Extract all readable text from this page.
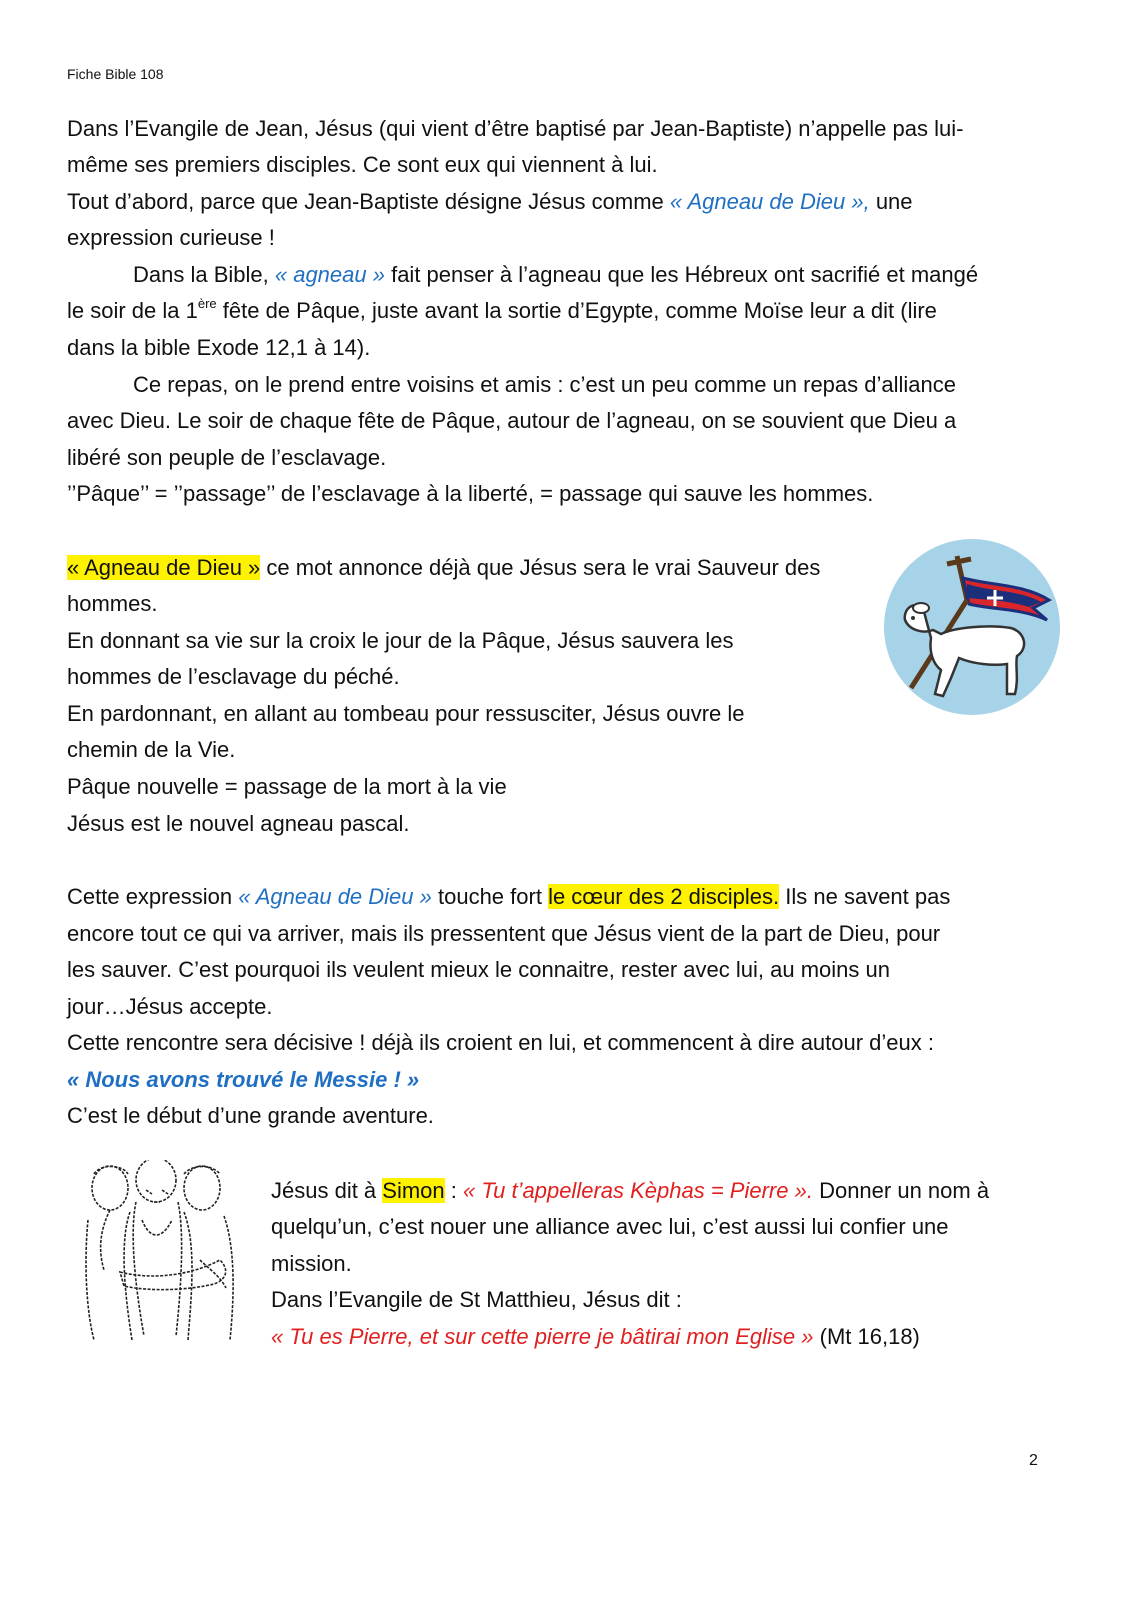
Fiche Bible 108
Dans l’Evangile de Jean, Jésus (qui vient d’être baptisé par Jean-Baptiste) n’appelle pas lui-
même ses premiers disciples. Ce sont eux qui viennent à lui.
Tout d’abord, parce que Jean-Baptiste désigne Jésus comme « Agneau de Dieu », une
expression curieuse !
Dans la Bible, « agneau » fait penser à l’agneau que les Hébreux ont sacrifié et mangé
le soir de la 1ère fête de Pâque, juste avant la sortie d’Egypte, comme Moïse leur a dit (lire
dans la bible Exode 12,1 à 14).
Ce repas, on le prend entre voisins et amis : c’est un peu comme un repas d’alliance
avec Dieu. Le soir de chaque fête de Pâque, autour de l’agneau, on se souvient que Dieu a
libéré son peuple de l’esclavage.
’’Pâque’’ = ’’passage’’ de l’esclavage à la liberté, = passage qui sauve les hommes.
« Agneau de Dieu » ce mot annonce déjà que Jésus sera le vrai Sauveur des
hommes.
En donnant sa vie sur la croix le jour de la Pâque, Jésus sauvera les
hommes de l’esclavage du péché.
En pardonnant, en allant au tombeau pour ressusciter, Jésus ouvre le
chemin de la Vie.
Pâque nouvelle = passage de la mort à la vie
Jésus est le nouvel agneau pascal.
Cette expression « Agneau de Dieu » touche fort le cœur des 2 disciples. Ils ne savent pas
encore tout ce qui va arriver, mais ils pressentent que Jésus vient de la part de Dieu, pour
les sauver. C’est pourquoi ils veulent mieux le connaitre, rester avec lui, au moins un
jour…Jésus accepte.
Cette rencontre sera décisive ! déjà ils croient en lui, et commencent à dire autour d’eux :
« Nous avons trouvé le Messie ! »
C’est le début d’une grande aventure.
Jésus dit à Simon : « Tu t’appelleras Kèphas = Pierre ». Donner un nom à
quelqu’un, c’est nouer une alliance avec lui, c’est aussi lui confier une
mission.
Dans l’Evangile de St Matthieu, Jésus dit :
« Tu es Pierre, et sur cette pierre je bâtirai mon Eglise » (Mt 16,18)
2
